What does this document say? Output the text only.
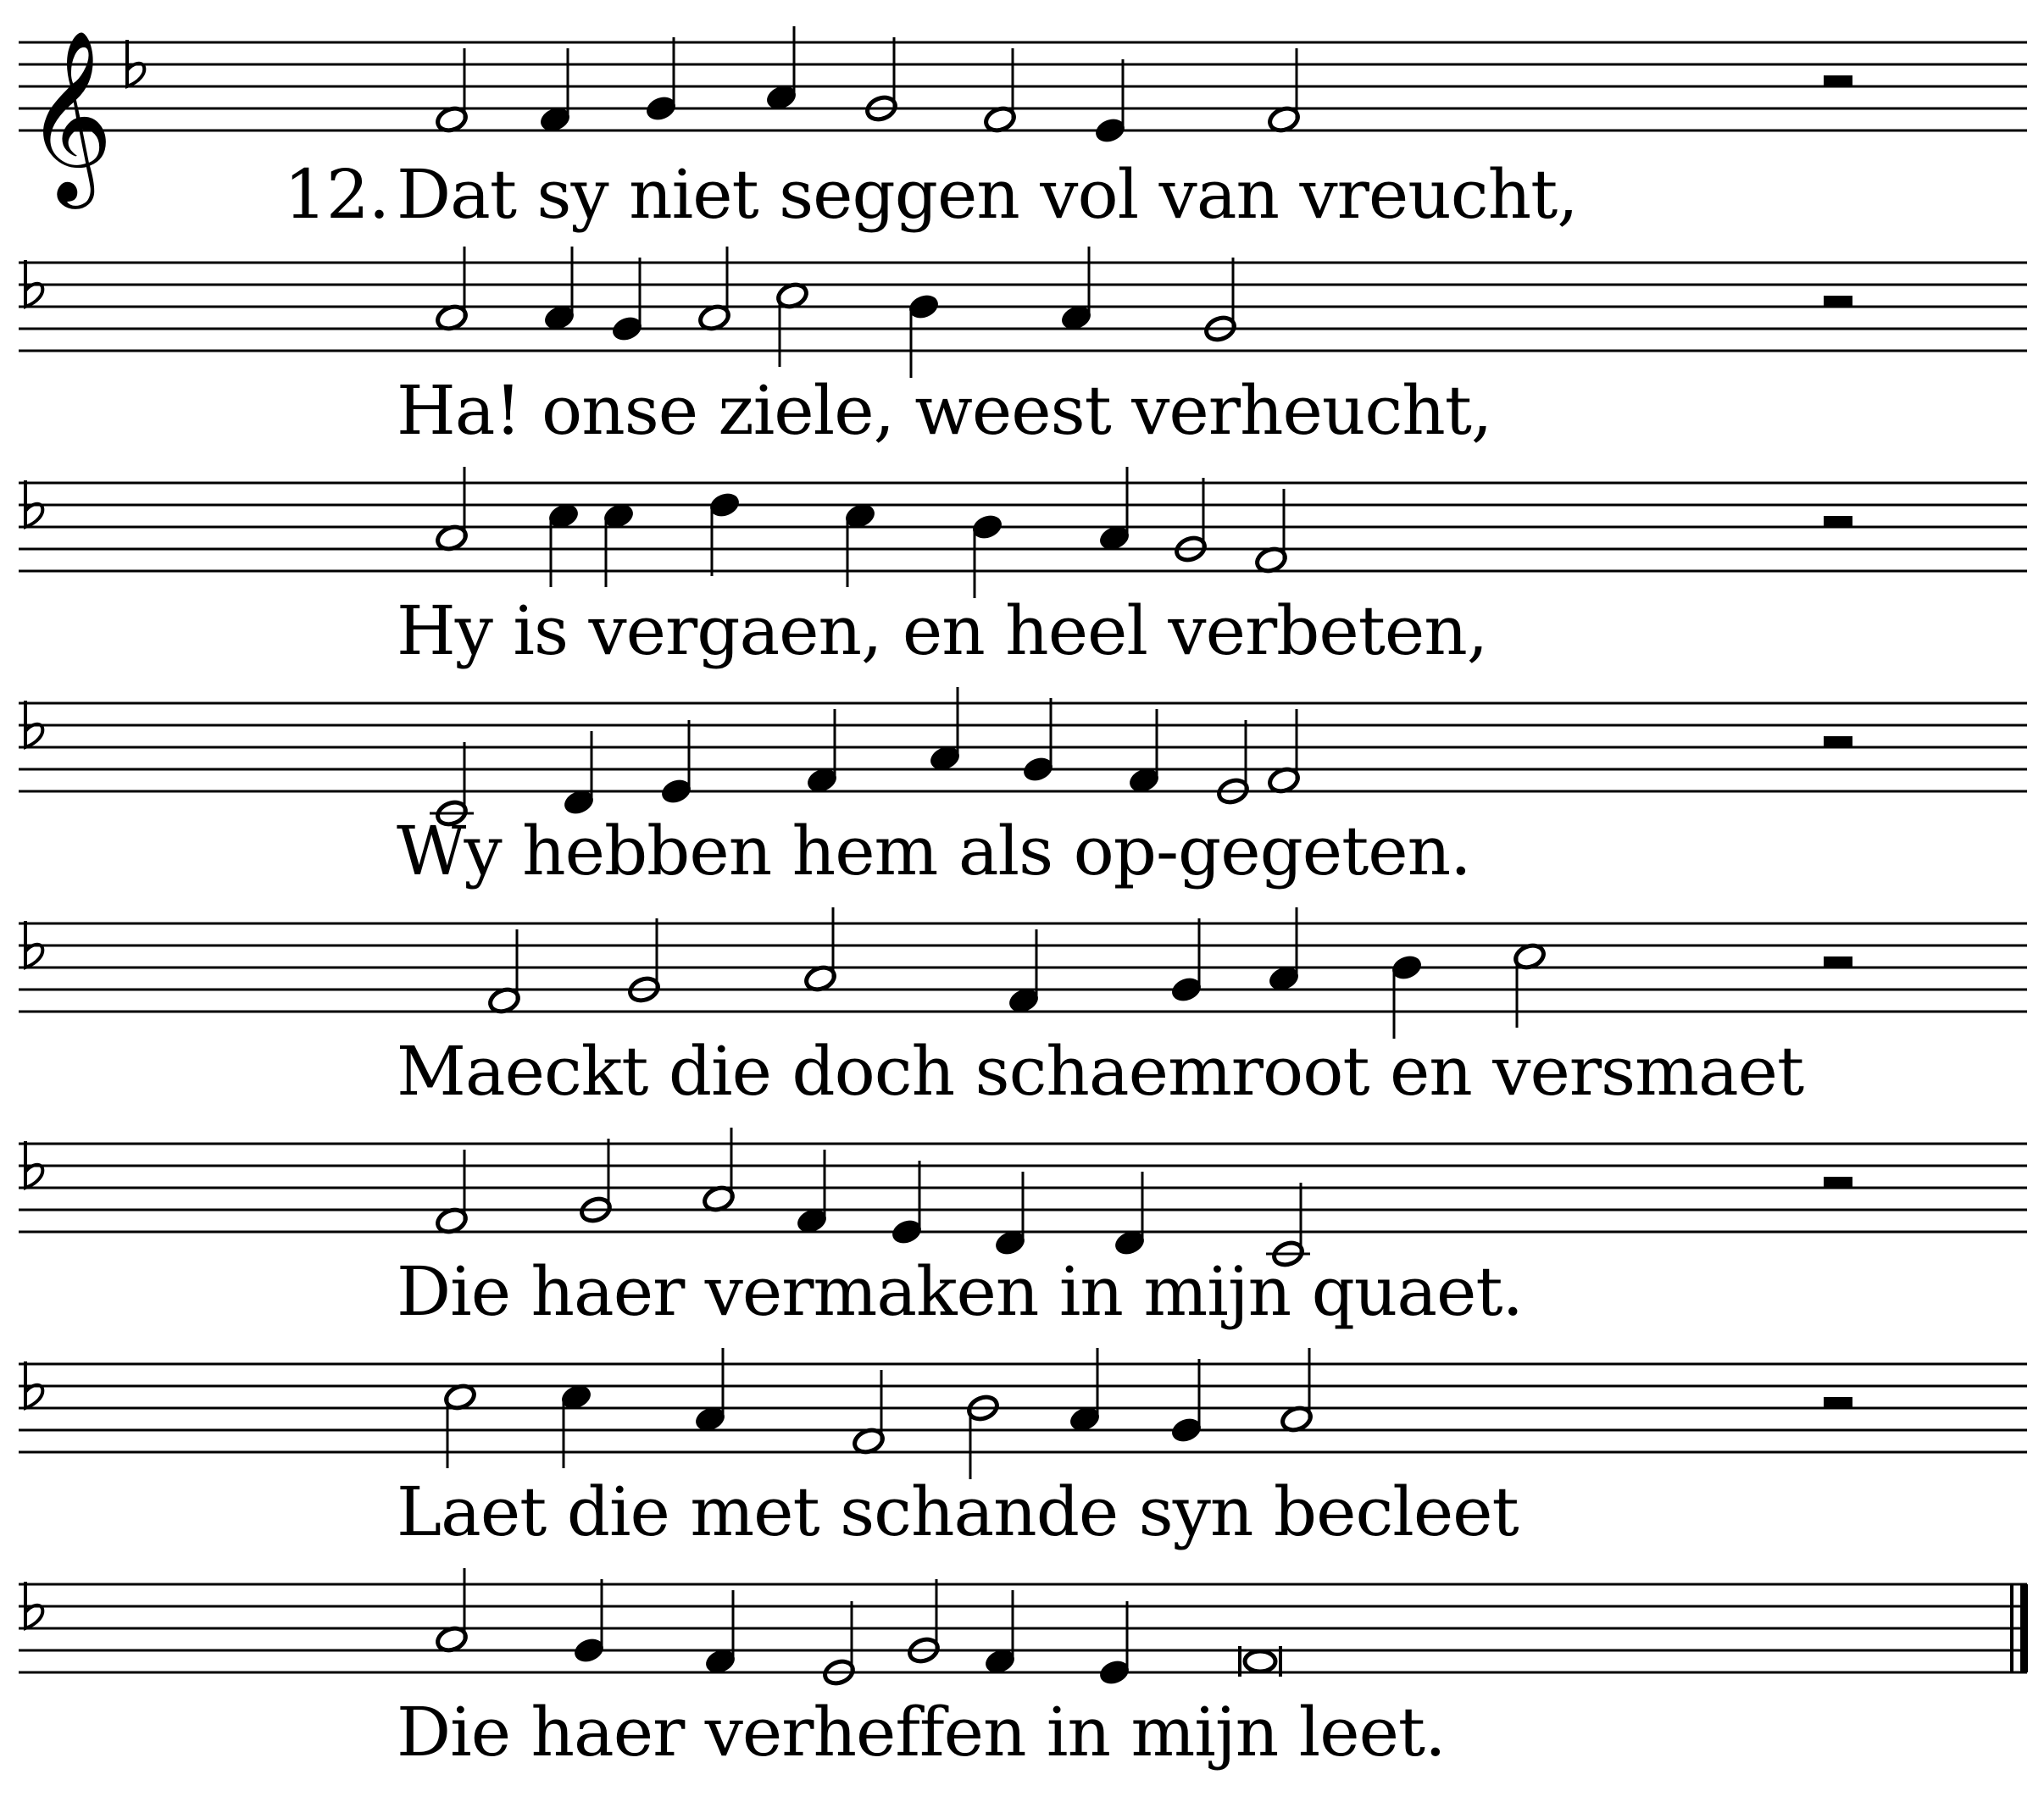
𝄞	12. Dat sy niet seggen vol van vreucht,
Ha! onse ziele, weest verheucht,
Hy is vergaen, en heel verbeten,
Wy hebben hem als op-gegeten.
Maeckt die doch schaemroot en versmaet
Die haer vermaken in mijn quaet.
Laet die met schande syn becleet
Die haer verheffen in mijn leet.
